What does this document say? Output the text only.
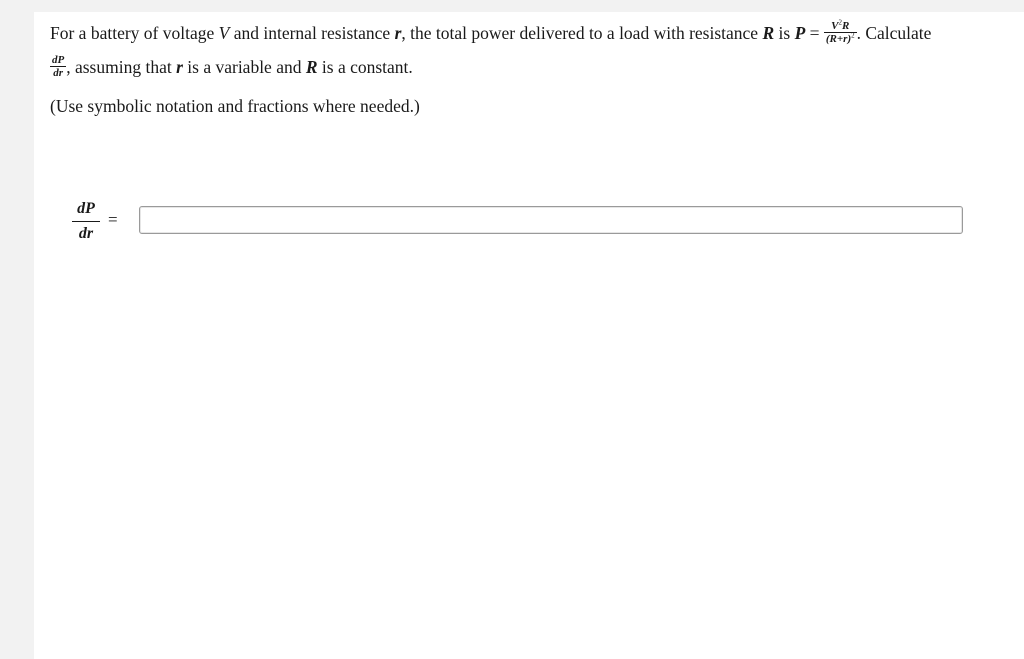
For a battery of voltage V and internal resistance r, the total power delivered to a load with resistance R is $P = \frac{V^2R}{(R+r)^2}$ . Calculate
$\frac{dP}{dr}$ , assuming that r is a variable and R is a constant.
(Use symbolic notation and fractions where needed.)
$\frac{dP}{dr}$ =
